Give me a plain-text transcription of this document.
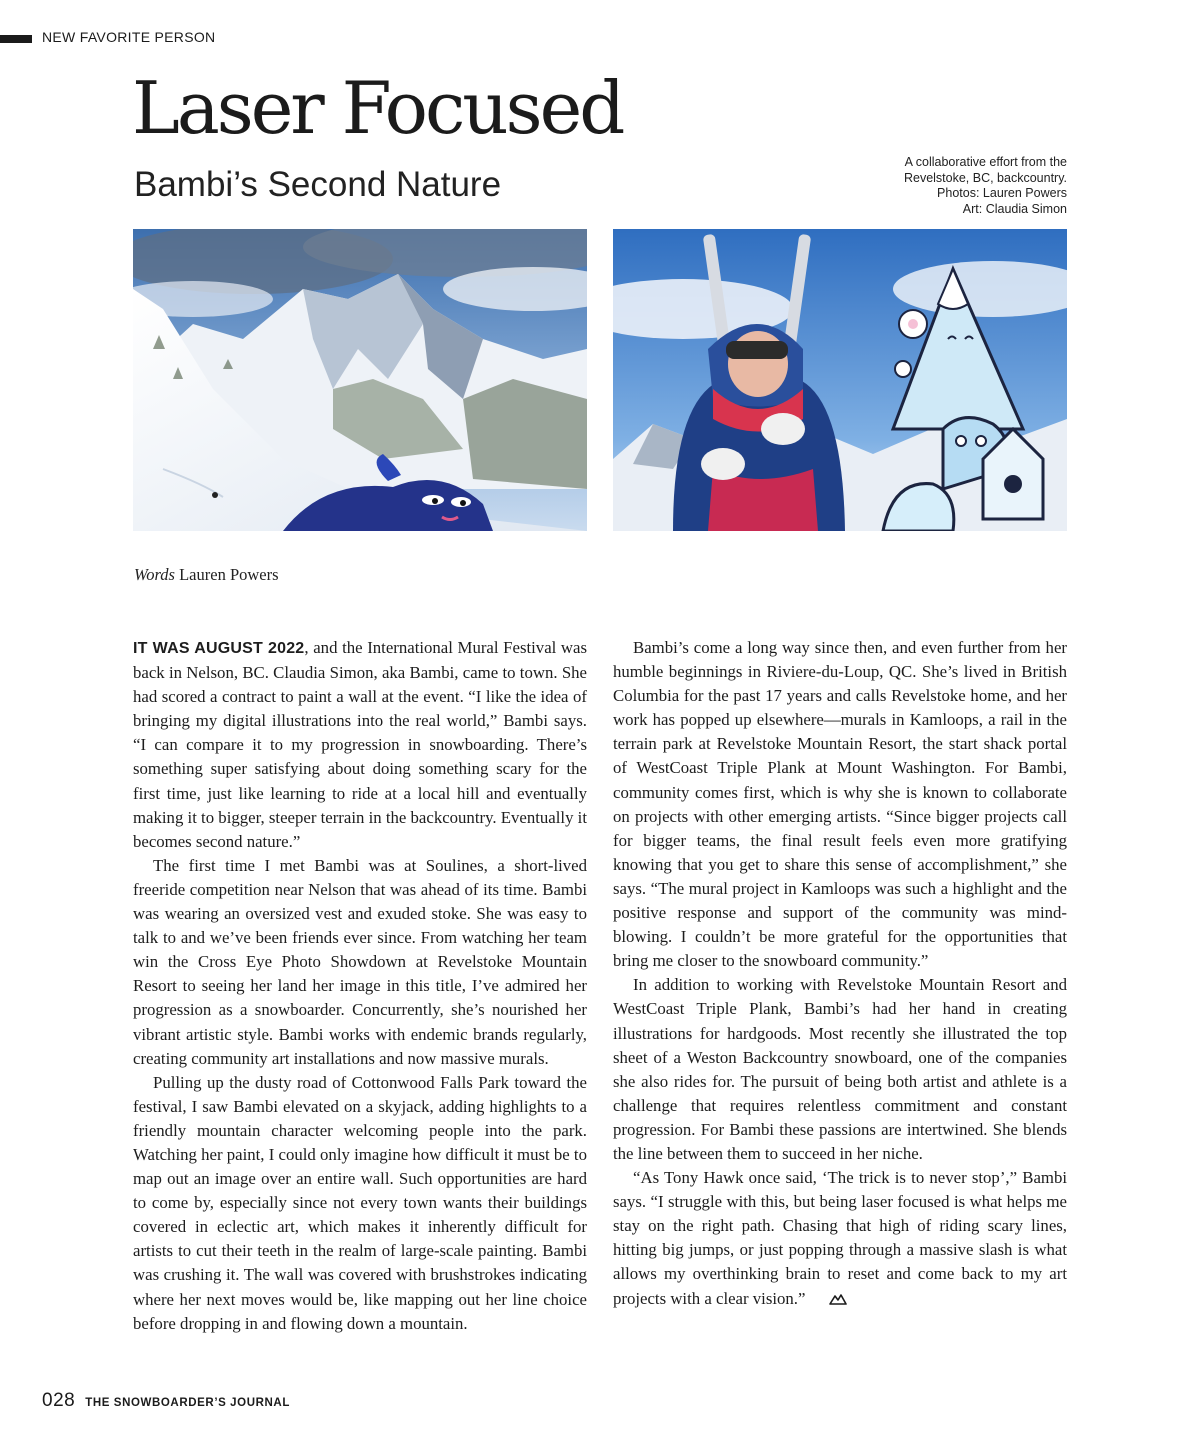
NEW FAVORITE PERSON
Laser Focused
Bambi’s Second Nature
A collaborative effort from the
Revelstoke, BC, backcountry.
Photos: Lauren Powers
Art: Claudia Simon
Words Lauren Powers

IT WAS AUGUST 2022, and the International Mural Festival was back in Nelson, BC. Claudia Simon, aka Bambi, came to town. She had scored a contract to paint a wall at the event. “I like the idea of bringing my digital illustrations into the real world,” Bambi says. “I can compare it to my progression in snowboarding. There’s something super satisfying about doing something scary for the first time, just like learning to ride at a local hill and eventually making it to bigger, steeper terrain in the backcountry. Eventually it becomes second nature.”

The first time I met Bambi was at Soulines, a short-lived freeride competition near Nelson that was ahead of its time. Bambi was wearing an oversized vest and exuded stoke. She was easy to talk to and we’ve been friends ever since. From watching her team win the Cross Eye Photo Showdown at Revelstoke Mountain Resort to seeing her land her image in this title, I’ve admired her progression as a snowboarder. Concurrently, she’s nourished her vibrant artistic style. Bambi works with endemic brands regularly, creating community art installations and now massive murals.

Pulling up the dusty road of Cottonwood Falls Park toward the festival, I saw Bambi elevated on a skyjack, adding highlights to a friendly mountain character welcoming people into the park. Watching her paint, I could only imagine how difficult it must be to map out an image over an entire wall. Such opportunities are hard to come by, especially since not every town wants their buildings covered in eclectic art, which makes it inherently difficult for artists to cut their teeth in the realm of large-scale painting. Bambi was crushing it. The wall was covered with brushstrokes indicating where her next moves would be, like mapping out her line choice before dropping in and flowing down a mountain.

Bambi’s come a long way since then, and even further from her humble beginnings in Riviere-du-Loup, QC. She’s lived in British Columbia for the past 17 years and calls Revelstoke home, and her work has popped up elsewhere—murals in Kamloops, a rail in the terrain park at Revelstoke Mountain Resort, the start shack portal of WestCoast Triple Plank at Mount Washington. For Bambi, community comes first, which is why she is known to collaborate on projects with other emerging artists. “Since bigger projects call for bigger teams, the final result feels even more gratifying knowing that you get to share this sense of accomplishment,” she says. “The mural project in Kamloops was such a highlight and the positive response and support of the community was mind-blowing. I couldn’t be more grateful for the opportunities that bring me closer to the snowboard community.”

In addition to working with Revelstoke Mountain Resort and WestCoast Triple Plank, Bambi’s had her hand in creating illustrations for hardgoods. Most recently she illustrated the top sheet of a Weston Backcountry snowboard, one of the companies she also rides for. The pursuit of being both artist and athlete is a challenge that requires relentless commitment and constant progression. For Bambi these passions are intertwined. She blends the line between them to succeed in her niche.

“As Tony Hawk once said, ‘The trick is to never stop’,” Bambi says. “I struggle with this, but being laser focused is what helps me stay on the right path. Chasing that high of riding scary lines, hitting big jumps, or just popping through a massive slash is what allows my overthinking brain to reset and come back to my art projects with a clear vision.”

028 THE SNOWBOARDER’S JOURNAL
